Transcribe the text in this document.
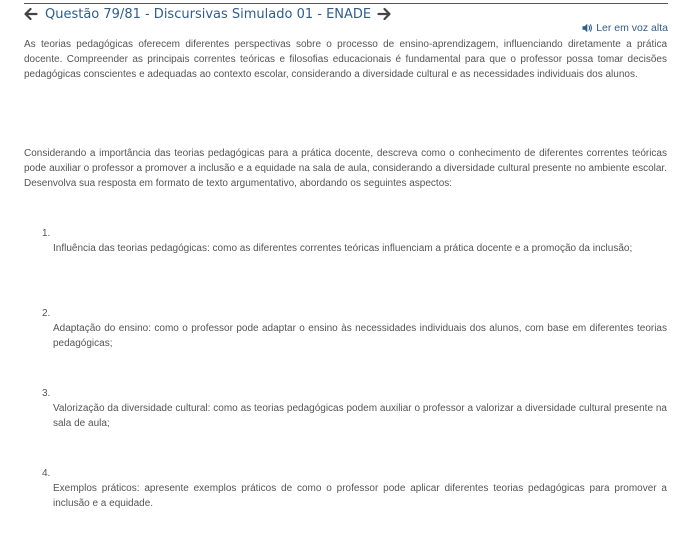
Questão 79/81 - Discursivas Simulado 01 - ENADE
Ler em voz alta

As teorias pedagógicas oferecem diferentes perspectivas sobre o processo de ensino-aprendizagem, influenciando diretamente a prática docente. Compreender as principais correntes teóricas e filosofias educacionais é fundamental para que o professor possa tomar decisões pedagógicas conscientes e adequadas ao contexto escolar, considerando a diversidade cultural e as necessidades individuais dos alunos.

Considerando a importância das teorias pedagógicas para a prática docente, descreva como o conhecimento de diferentes correntes teóricas pode auxiliar o professor a promover a inclusão e a equidade na sala de aula, considerando a diversidade cultural presente no ambiente escolar. Desenvolva sua resposta em formato de texto argumentativo, abordando os seguintes aspectos:

1.

Influência das teorias pedagógicas: como as diferentes correntes teóricas influenciam a prática docente e a promoção da inclusão;

2.

Adaptação do ensino: como o professor pode adaptar o ensino às necessidades individuais dos alunos, com base em diferentes teorias pedagógicas;

3.

Valorização da diversidade cultural: como as teorias pedagógicas podem auxiliar o professor a valorizar a diversidade cultural presente na sala de aula;

4.

Exemplos práticos: apresente exemplos práticos de como o professor pode aplicar diferentes teorias pedagógicas para promover a inclusão e a equidade.
